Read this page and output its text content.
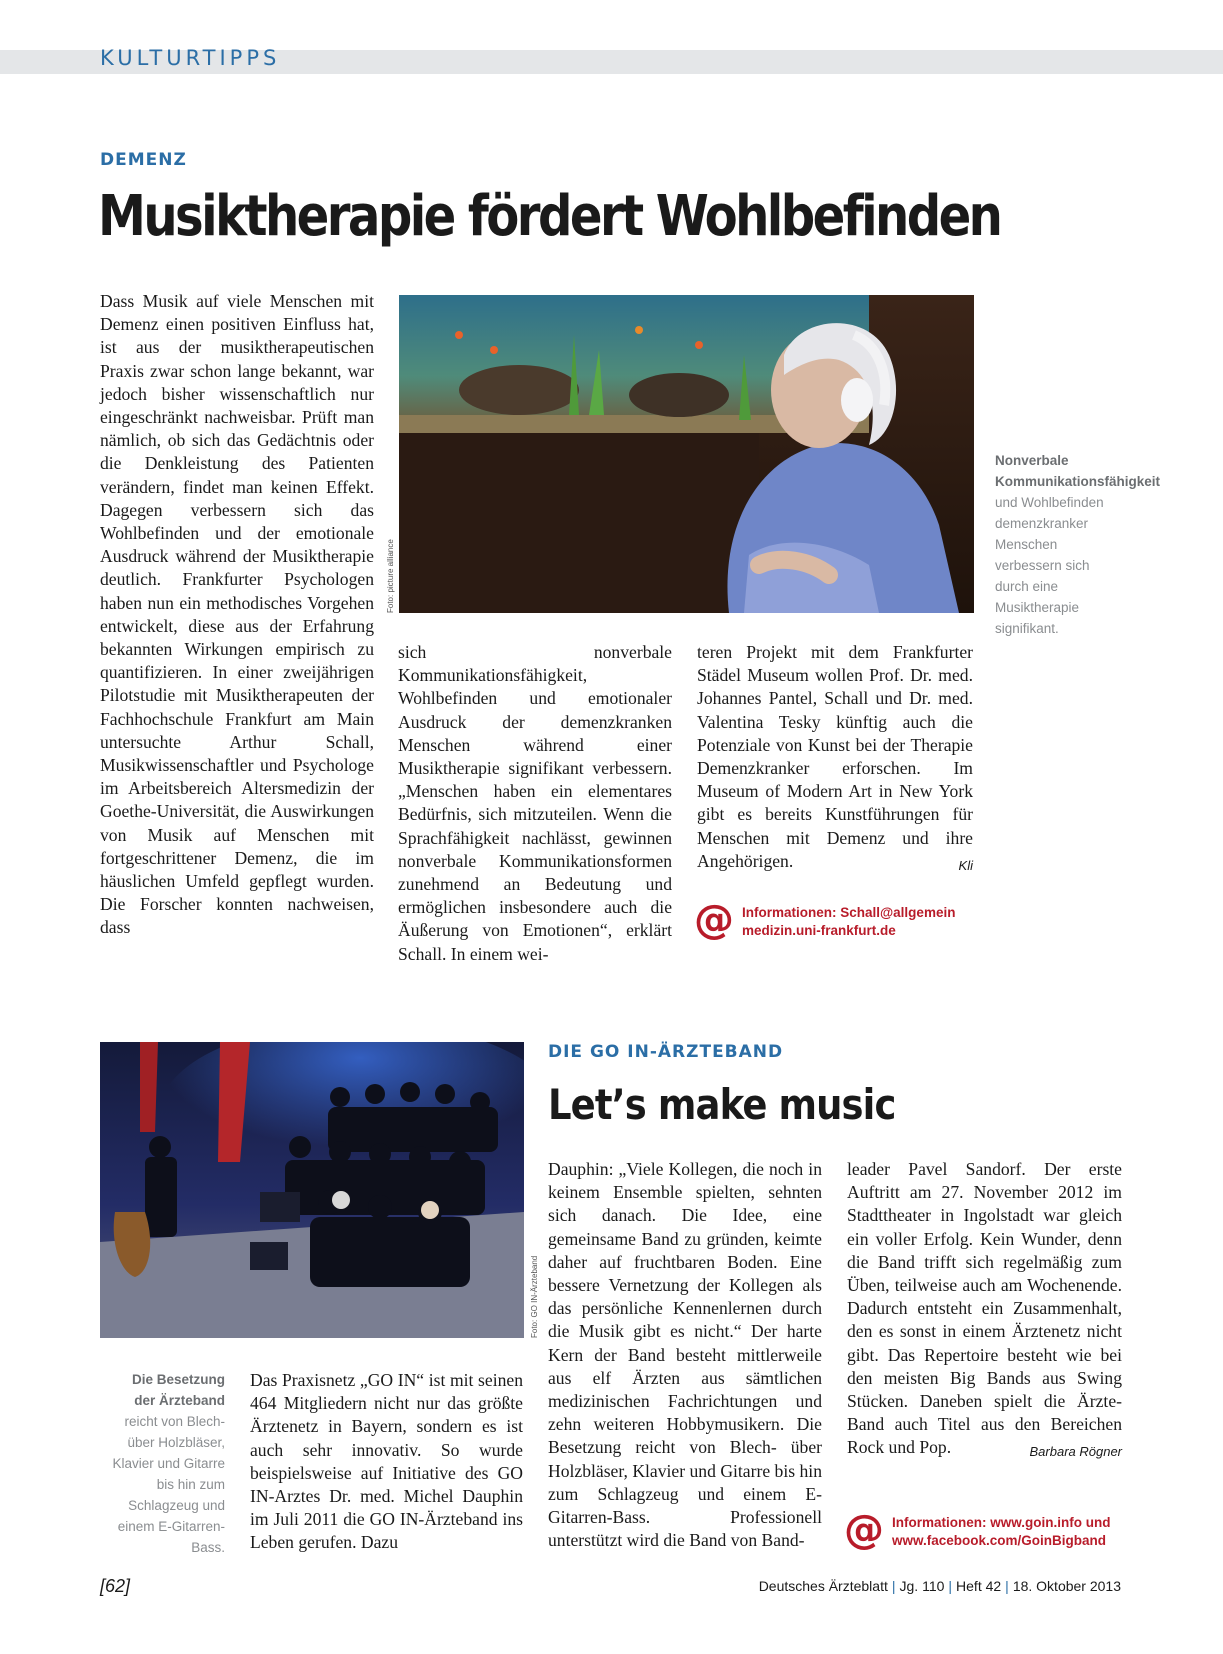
KULTURTIPPS
DEMENZ
Musiktherapie fördert Wohlbefinden

Dass Musik auf viele Menschen mit Demenz einen positiven Einfluss hat, ist aus der musiktherapeutischen Praxis zwar schon lange bekannt, war jedoch bisher wissenschaftlich nur eingeschränkt nachweisbar. Prüft man nämlich, ob sich das Gedächtnis oder die Denkleistung des Patienten verändern, findet man keinen Effekt. Dagegen verbessern sich das Wohlbefinden und der emotionale Ausdruck während der Musiktherapie deutlich. Frankfurter Psychologen haben nun ein methodisches Vorgehen entwickelt, diese aus der Erfahrung bekannten Wirkungen empirisch zu quantifizieren. In einer zweijährigen Pilotstudie mit Musiktherapeuten der Fachhochschule Frankfurt am Main untersuchte Arthur Schall, Musikwissenschaftler und Psychologe im Arbeitsbereich Altersmedizin der Goethe-Universität, die Auswirkungen von Musik auf Menschen mit fortgeschrittener Demenz, die im häuslichen Umfeld gepflegt wurden. Die Forscher konnten nachweisen, dass

Foto: picture alliance
Nonverbale Kommunikationsfähigkeit und Wohlbefinden demenzkranker Menschen verbessern sich durch eine Musiktherapie signifikant.

sich nonverbale Kommunikationsfähigkeit, Wohlbefinden und emotionaler Ausdruck der demenzkranken Menschen während einer Musiktherapie signifikant verbessern. „Menschen haben ein elementares Bedürfnis, sich mitzuteilen. Wenn die Sprachfähigkeit nachlässt, gewinnen nonverbale Kommunikationsformen zunehmend an Bedeutung und ermöglichen insbesondere auch die Äußerung von Emotionen“, erklärt Schall. In einem wei-

teren Projekt mit dem Frankfurter Städel Museum wollen Prof. Dr. med. Johannes Pantel, Schall und Dr. med. Valentina Tesky künftig auch die Potenziale von Kunst bei der Therapie Demenzkranker erforschen. Im Museum of Modern Art in New York gibt es bereits Kunstführungen für Menschen mit Demenz und ihre Angehörigen.	Kli

@ Informationen: Schall@allgemein
medizin.uni-frankfurt.de
Foto: GO IN-Ärzteband
DIE GO IN-ÄRZTEBAND
Let’s make music
Die Besetzung der Ärzteband reicht von Blech- über Holzbläser, Klavier und Gitarre bis hin zum Schlagzeug und einem E-Gitarren-Bass.

Das Praxisnetz „GO IN“ ist mit seinen 464 Mitgliedern nicht nur das größte Ärztenetz in Bayern, sondern es ist auch sehr innovativ. So wurde beispielsweise auf Initiative des GO IN-Arztes Dr. med. Michel Dauphin im Juli 2011 die GO IN-Ärzteband ins Leben gerufen. Dazu

Dauphin: „Viele Kollegen, die noch in keinem Ensemble spielten, sehnten sich danach. Die Idee, eine gemeinsame Band zu gründen, keimte daher auf fruchtbaren Boden. Eine bessere Vernetzung der Kollegen als das persönliche Kennenlernen durch die Musik gibt es nicht.“ Der harte Kern der Band besteht mittlerweile aus elf Ärzten aus sämtlichen medizinischen Fachrichtungen und zehn weiteren Hobbymusikern. Die Besetzung reicht von Blech- über Holzbläser, Klavier und Gitarre bis hin zum Schlagzeug und einem E-Gitarren-Bass. Professionell unterstützt wird die Band von Band-

leader Pavel Sandorf. Der erste Auftritt am 27. November 2012 im Stadttheater in Ingolstadt war gleich ein voller Erfolg. Kein Wunder, denn die Band trifft sich regelmäßig zum Üben, teilweise auch am Wochenende. Dadurch entsteht ein Zusammenhalt, den es sonst in einem Ärztenetz nicht gibt. Das Repertoire besteht wie bei den meisten Big Bands aus Swing Stücken. Daneben spielt die Ärzte-Band auch Titel aus den Bereichen Rock und Pop.	Barbara Rögner

@ Informationen: www.goin.info und
www.facebook.com/GoinBigband
[62]	Deutsches Ärzteblatt | Jg. 110 | Heft 42 | 18. Oktober 2013
